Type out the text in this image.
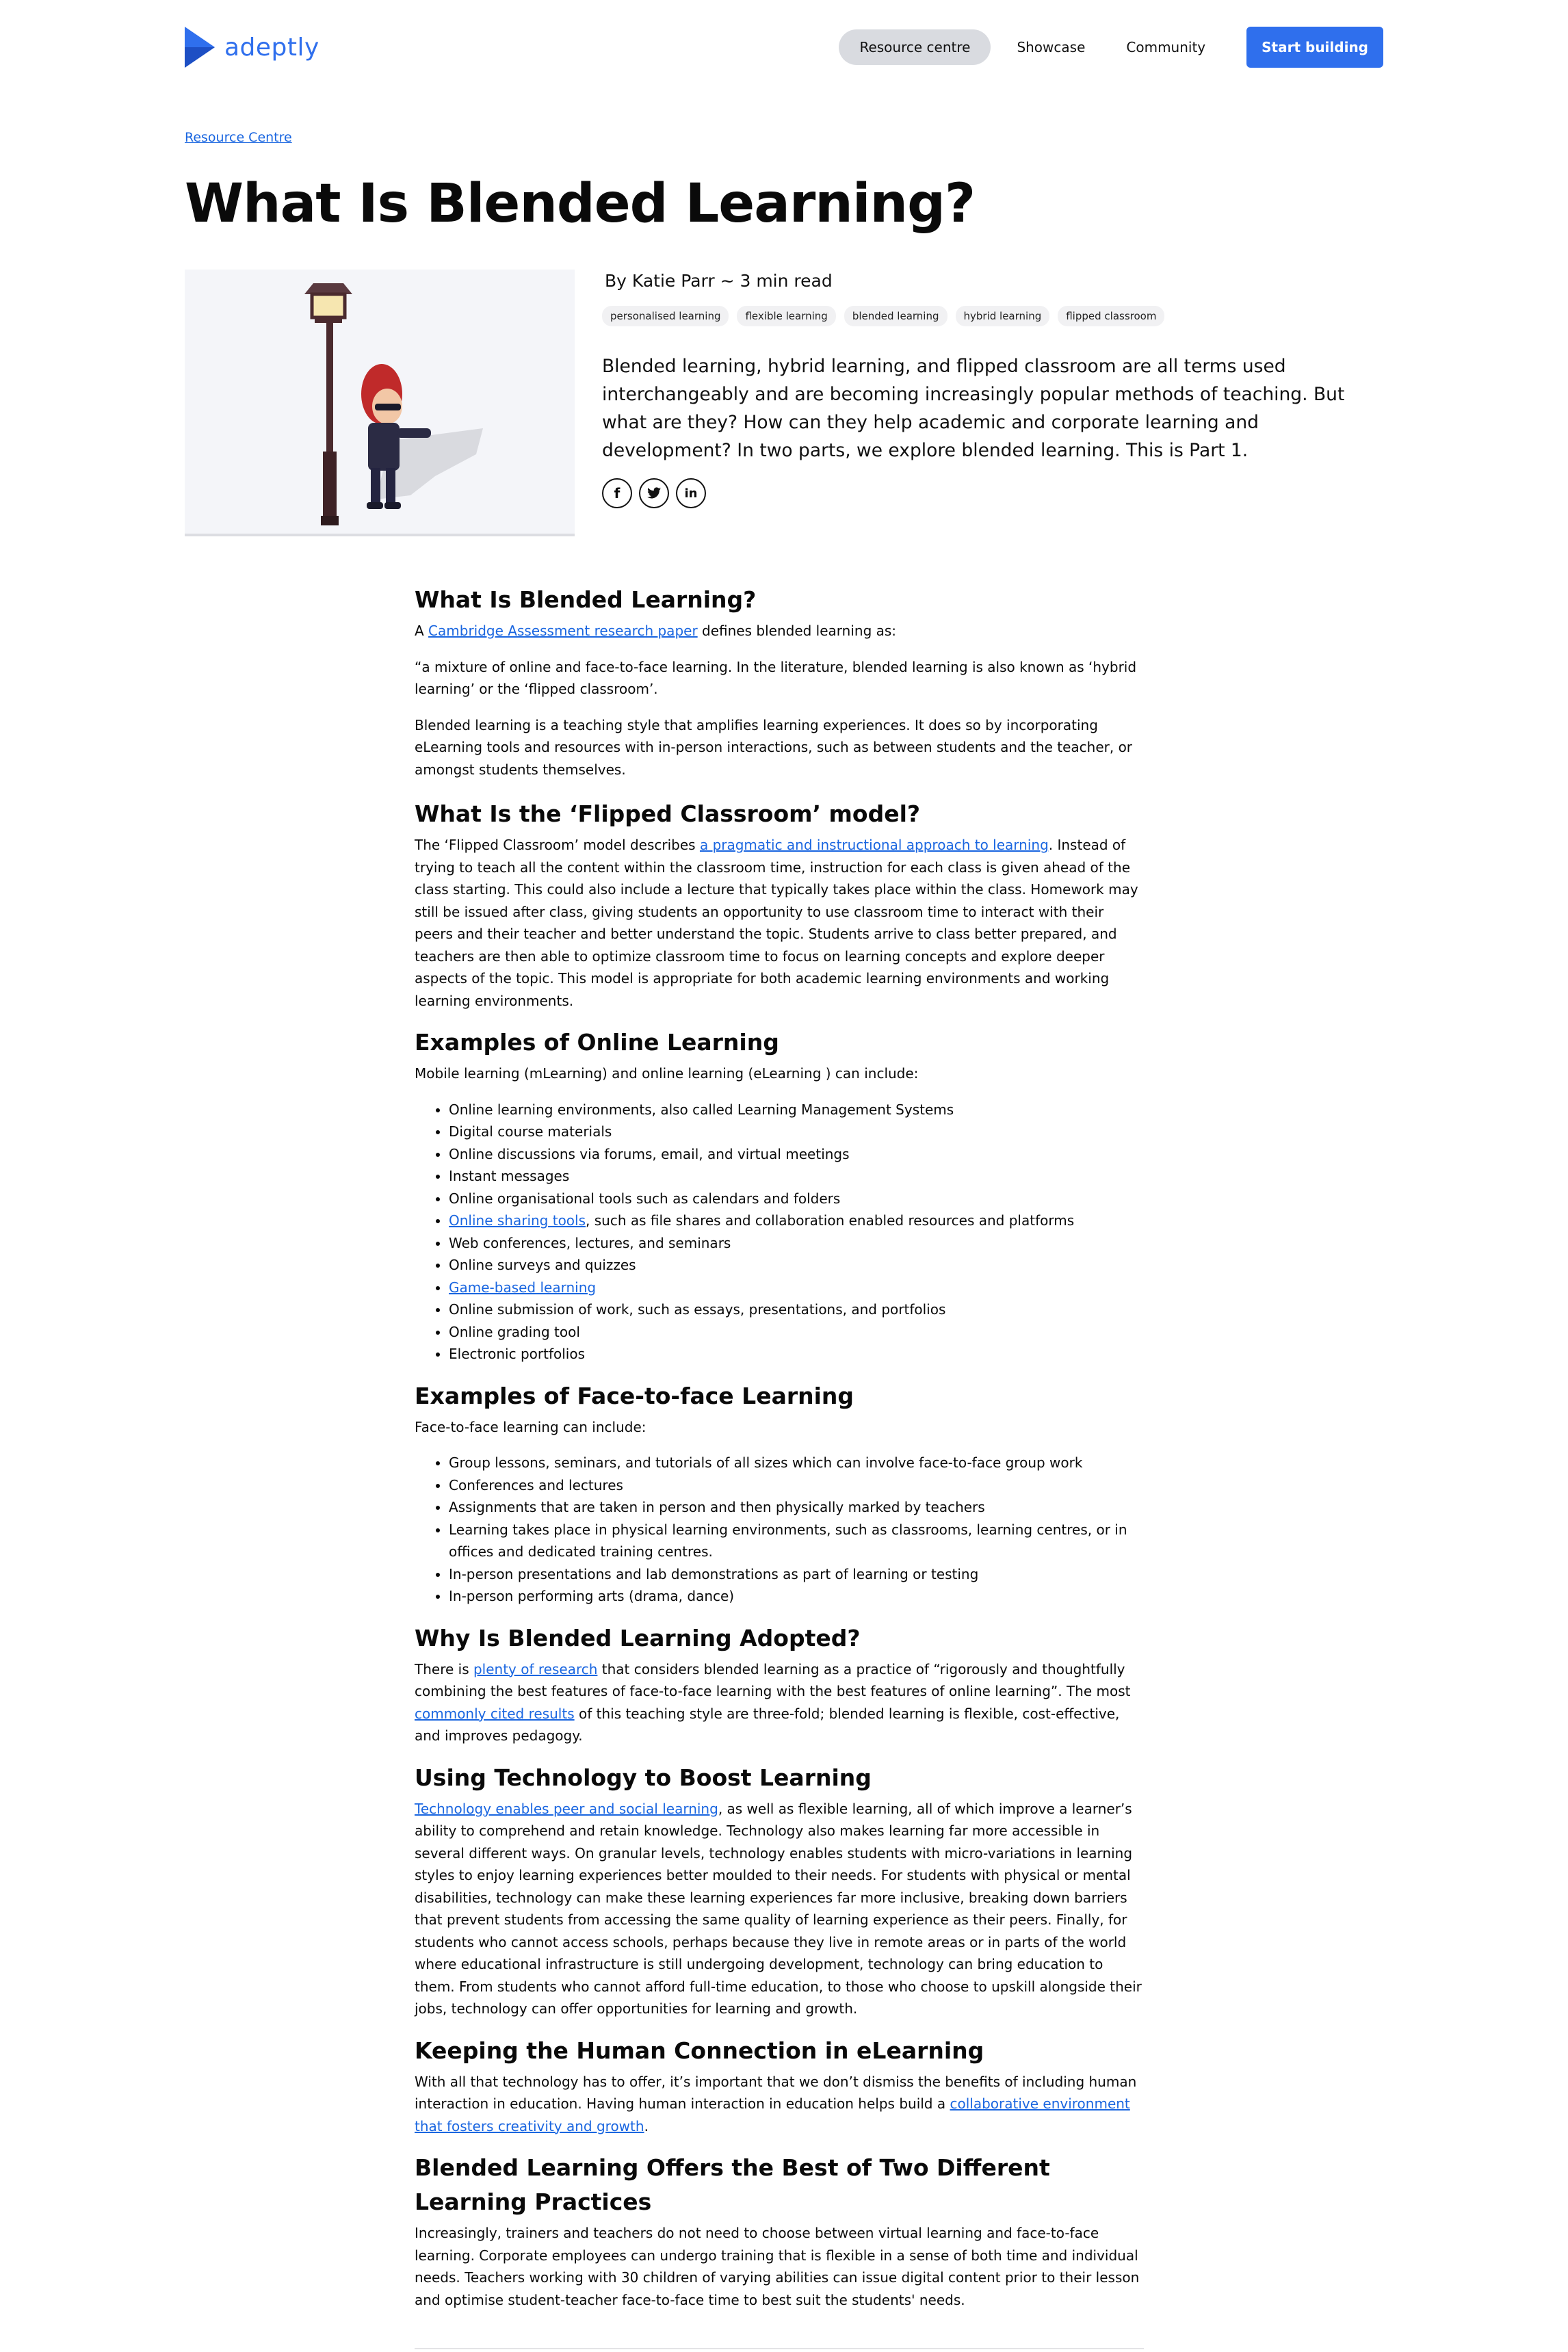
adeptly	Resource centre	Showcase	Community	Start building
Resource Centre
What Is Blended Learning?
By Katie Parr ~ 3 min read
personalised learning	flexible learning	blended learning	hybrid learning	flipped classroom
Blended learning, hybrid learning, and flipped classroom are all terms used interchangeably and are becoming increasingly popular methods of teaching. But what are they? How can they help academic and corporate learning and development? In two parts, we explore blended learning. This is Part 1.
f	in
What Is Blended Learning?

A Cambridge Assessment research paper defines blended learning as:

“a mixture of online and face-to-face learning. In the literature, blended learning is also known as ‘hybrid learning’ or the ‘flipped classroom’.

Blended learning is a teaching style that amplifies learning experiences. It does so by incorporating eLearning tools and resources with in-person interactions, such as between students and the teacher, or amongst students themselves.

What Is the ‘Flipped Classroom’ model?

The ‘Flipped Classroom’ model describes a pragmatic and instructional approach to learning. Instead of trying to teach all the content within the classroom time, instruction for each class is given ahead of the class starting. This could also include a lecture that typically takes place within the class. Homework may still be issued after class, giving students an opportunity to use classroom time to interact with their peers and their teacher and better understand the topic. Students arrive to class better prepared, and teachers are then able to optimize classroom time to focus on learning concepts and explore deeper aspects of the topic. This model is appropriate for both academic learning environments and working learning environments.

Examples of Online Learning

Mobile learning (mLearning) and online learning (eLearning ) can include:

• Online learning environments, also called Learning Management Systems
• Digital course materials
• Online discussions via forums, email, and virtual meetings
• Instant messages
• Online organisational tools such as calendars and folders
• Online sharing tools, such as file shares and collaboration enabled resources and platforms
• Web conferences, lectures, and seminars
• Online surveys and quizzes
• Game-based learning
• Online submission of work, such as essays, presentations, and portfolios
• Online grading tool
• Electronic portfolios
Examples of Face-to-face Learning

Face-to-face learning can include:

• Group lessons, seminars, and tutorials of all sizes which can involve face-to-face group work
• Conferences and lectures
• Assignments that are taken in person and then physically marked by teachers
• Learning takes place in physical learning environments, such as classrooms, learning centres, or in offices and dedicated training centres.
• In-person presentations and lab demonstrations as part of learning or testing
• In-person performing arts (drama, dance)
Why Is Blended Learning Adopted?

There is plenty of research that considers blended learning as a practice of “rigorously and thoughtfully combining the best features of face-to-face learning with the best features of online learning”. The most commonly cited results of this teaching style are three-fold; blended learning is flexible, cost-effective, and improves pedagogy.

Using Technology to Boost Learning

Technology enables peer and social learning, as well as flexible learning, all of which improve a learner’s ability to comprehend and retain knowledge. Technology also makes learning far more accessible in several different ways. On granular levels, technology enables students with micro-variations in learning styles to enjoy learning experiences better moulded to their needs. For students with physical or mental disabilities, technology can make these learning experiences far more inclusive, breaking down barriers that prevent students from accessing the same quality of learning experience as their peers. Finally, for students who cannot access schools, perhaps because they live in remote areas or in parts of the world where educational infrastructure is still undergoing development, technology can bring education to them. From students who cannot afford full-time education, to those who choose to upskill alongside their jobs, technology can offer opportunities for learning and growth.

Keeping the Human Connection in eLearning

With all that technology has to offer, it’s important that we don’t dismiss the benefits of including human interaction in education. Having human interaction in education helps build a collaborative environment that fosters creativity and growth.

Blended Learning Offers the Best of Two Different Learning Practices

Increasingly, trainers and teachers do not need to choose between virtual learning and face-to-face learning. Corporate employees can undergo training that is flexible in a sense of both time and individual needs. Teachers working with 30 children of varying abilities can issue digital content prior to their lesson and optimise student-teacher face-to-face time to best suit the students' needs.
